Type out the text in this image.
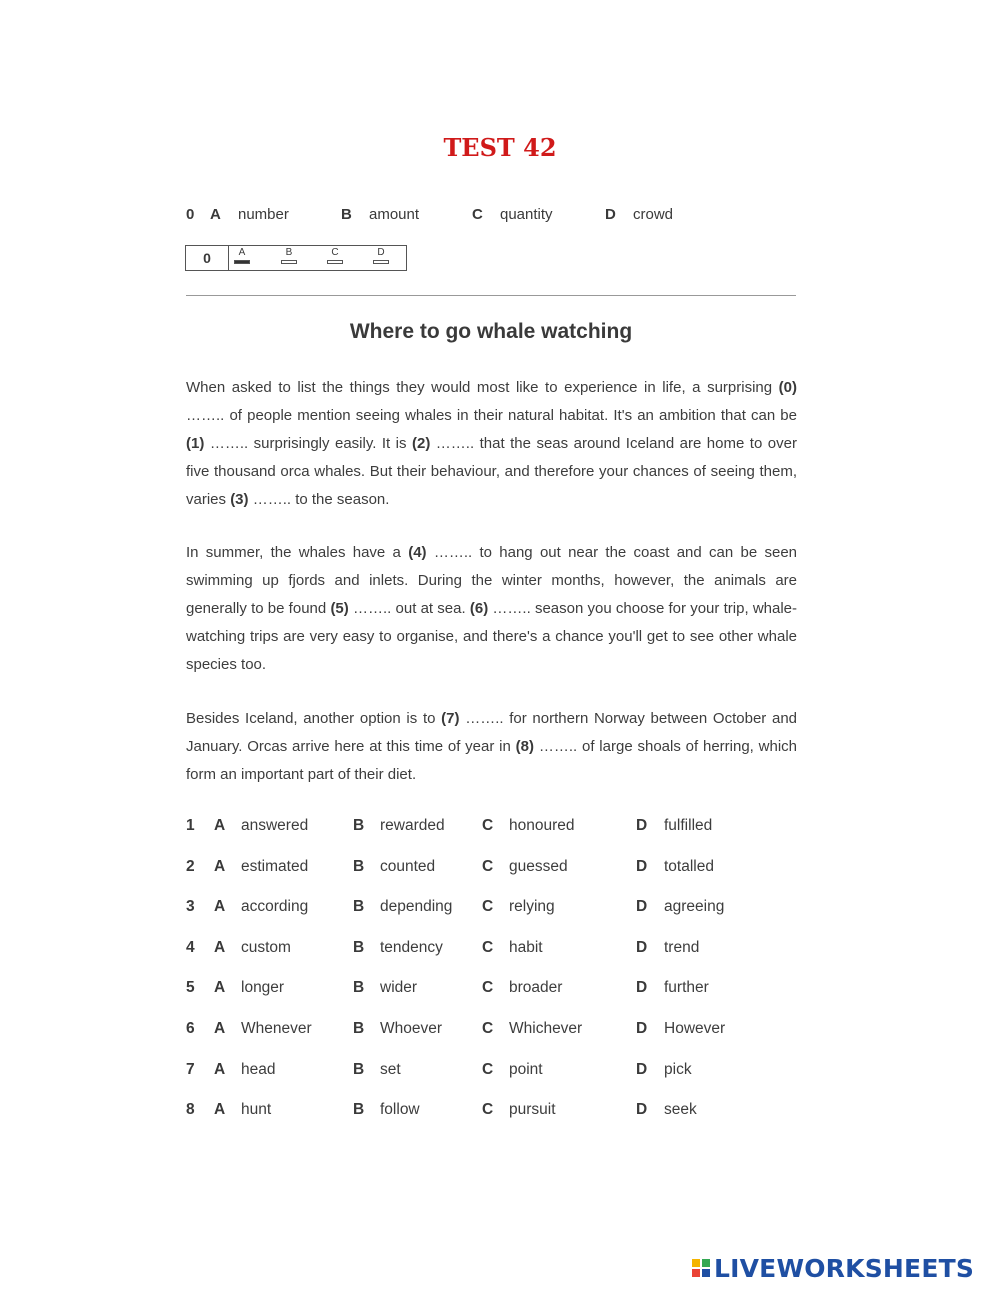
TEST 42
0 A number	B amount	C quantity	D crowd
0	A	B	C	D
Where to go whale watching

When asked to list the things they would most like to experience in life, a surprising (0) …….. of people mention seeing whales in their natural habitat. It's an ambition that can be (1) …….. surprisingly easily. It is (2) …….. that the seas around Iceland are home to over five thousand orca whales. But their behaviour, and therefore your chances of seeing them, varies (3) …….. to the season.

In summer, the whales have a (4) …….. to hang out near the coast and can be seen swimming up fjords and inlets. During the winter months, however, the animals are generally to be found (5) …….. out at sea. (6) …….. season you choose for your trip, whale-watching trips are very easy to organise, and there's a chance you'll get to see other whale species too.

Besides Iceland, another option is to (7) …….. for northern Norway between October and January. Orcas arrive here at this time of year in (8) …….. of large shoals of herring, which form an important part of their diet.

1 A answered	B rewarded C honoured	D fulfilled
2 A estimated	B counted	C guessed	D totalled
3 A according	B depending C relying	D agreeing
4 A custom	B tendency	C habit	D trend
5 A longer	B wider	C broader	D further
6 A Whenever	B Whoever	C Whichever	D However
7 A head	B set	C point	D pick
8 A hunt	B follow	C pursuit	D seek
LIVEWORKSHEETS
